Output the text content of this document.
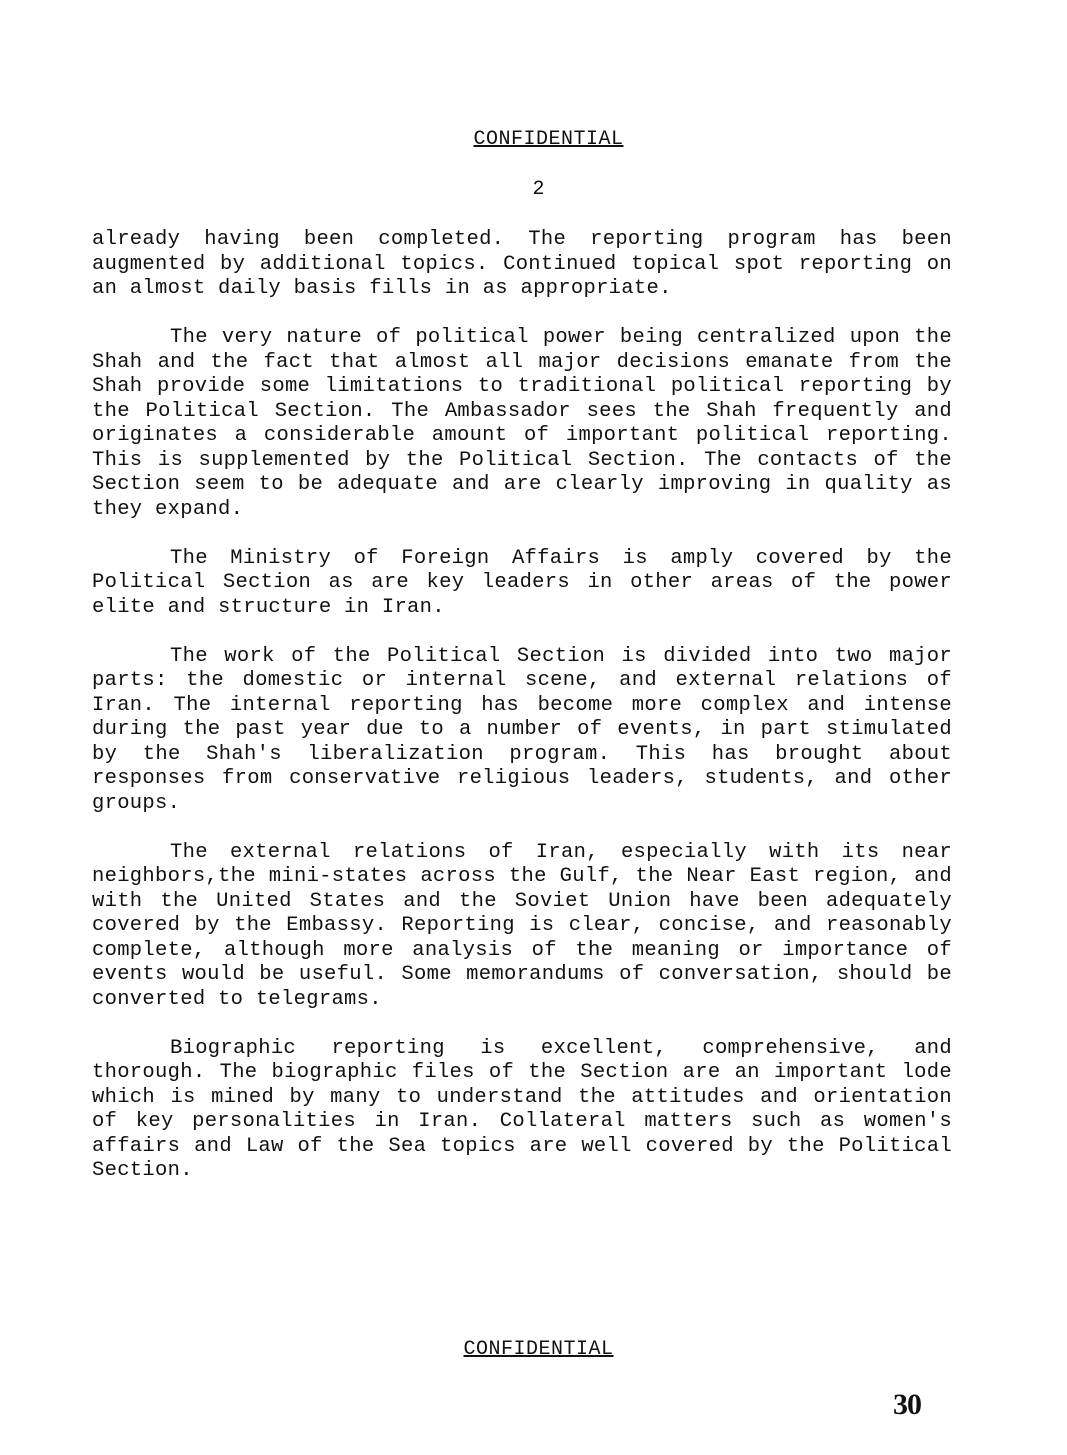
CONFIDENTIAL
2

already having been completed. The reporting program has been augmented by additional topics. Continued topical spot reporting on an almost daily basis fills in as appropriate.

The very nature of political power being centralized upon the Shah and the fact that almost all major decisions emanate from the Shah provide some limitations to traditional political reporting by the Political Section. The Ambassador sees the Shah frequently and originates a considerable amount of important political reporting. This is supplemented by the Political Section. The contacts of the Section seem to be adequate and are clearly improving in quality as they expand.

The Ministry of Foreign Affairs is amply covered by the Political Section as are key leaders in other areas of the power elite and structure in Iran.

The work of the Political Section is divided into two major parts: the domestic or internal scene, and external relations of Iran. The internal reporting has become more complex and intense during the past year due to a number of events, in part stimulated by the Shah's liberalization program. This has brought about responses from conservative religious leaders, students, and other groups.

The external relations of Iran, especially with its near neighbors,the mini-states across the Gulf, the Near East region, and with the United States and the Soviet Union have been adequately covered by the Embassy. Reporting is clear, concise, and reasonably complete, although more analysis of the meaning or importance of events would be useful. Some memorandums of conversation, should be converted to telegrams.

Biographic reporting is excellent, comprehensive, and thorough. The biographic files of the Section are an important lode which is mined by many to understand the attitudes and orientation of key personalities in Iran. Collateral matters such as women's affairs and Law of the Sea topics are well covered by the Political Section.

CONFIDENTIAL
30
